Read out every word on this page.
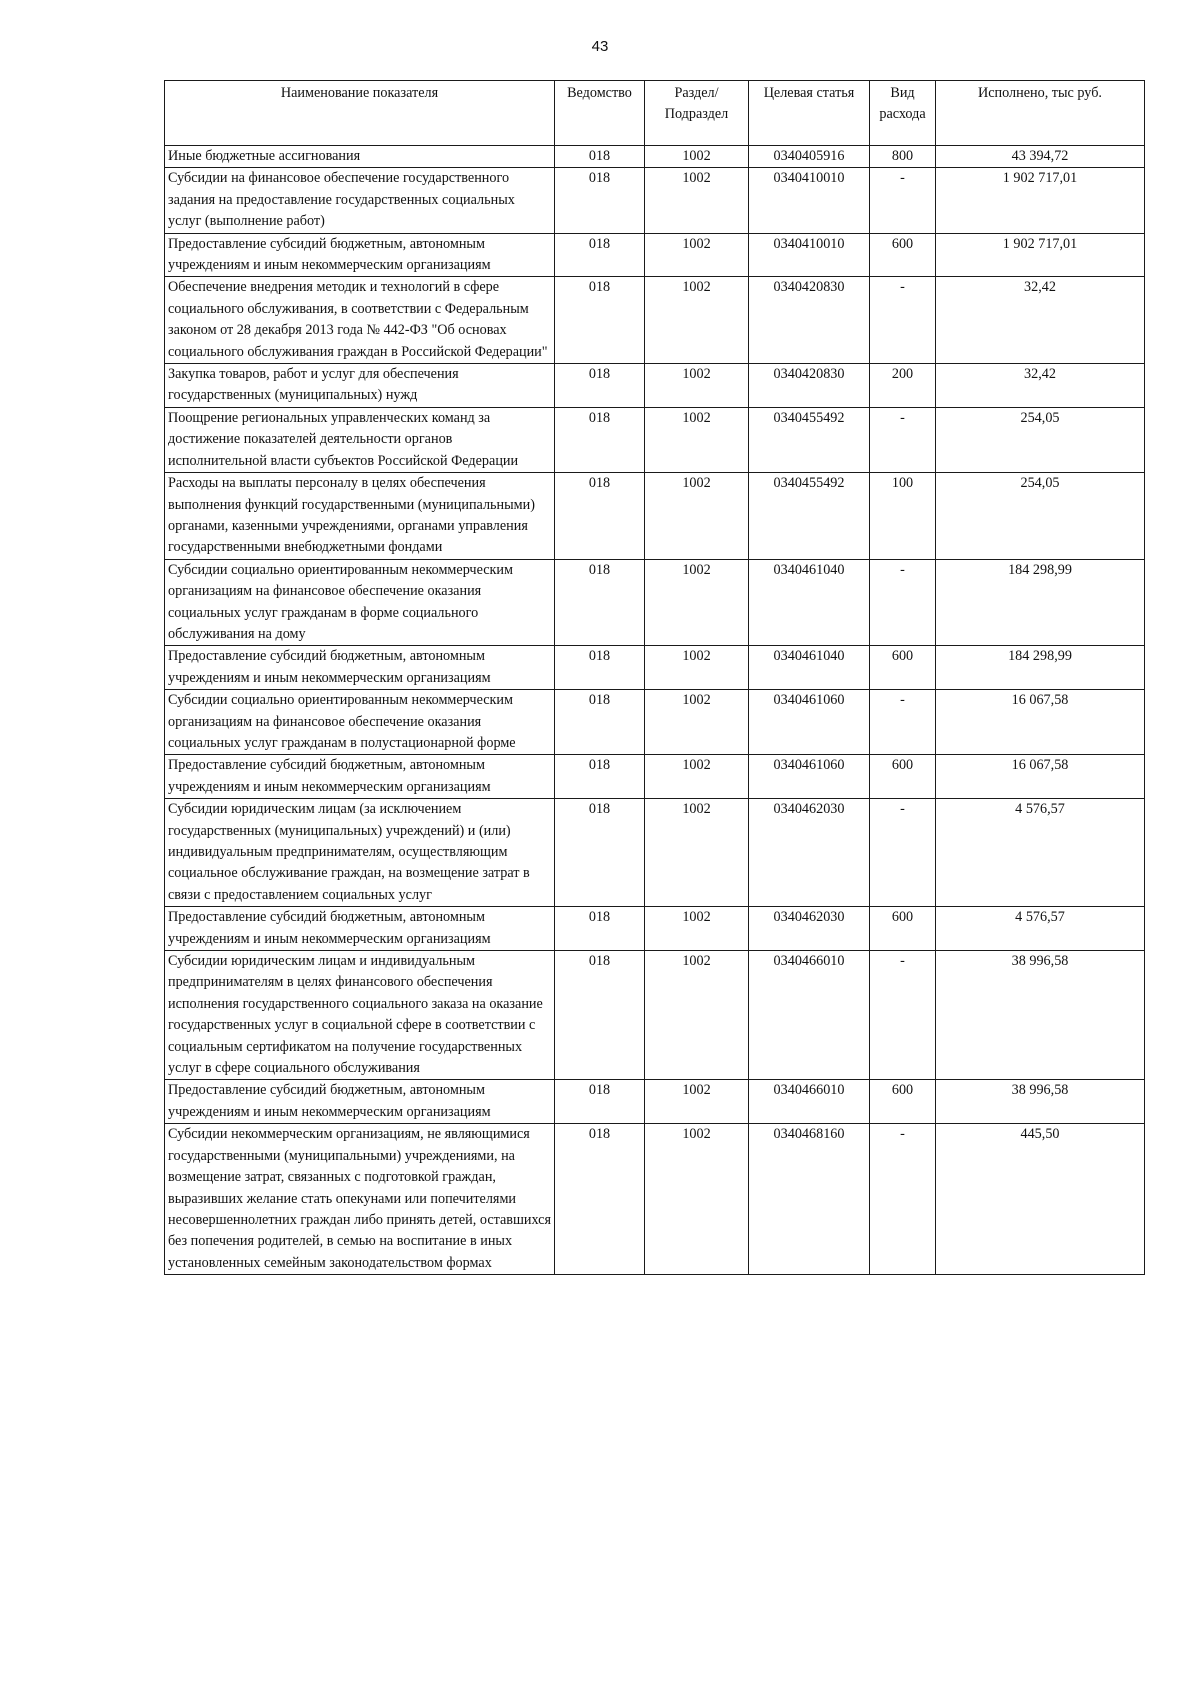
43
Наименование показателя	Ведомство	Раздел/ Подраздел	Целевая статья	Вид расхода	Исполнено, тыс руб.
Иные бюджетные ассигнования	018	1002	0340405916	800	43 394,72
Субсидии на финансовое обеспечение государственного задания на предоставление государственных социальных услуг (выполнение работ)	018	1002	0340410010	-	1 902 717,01
Предоставление субсидий бюджетным, автономным учреждениям и иным некоммерческим организациям	018	1002	0340410010	600	1 902 717,01
Обеспечение внедрения методик и технологий в сфере социального обслуживания, в соответствии с Федеральным законом от 28 декабря 2013 года № 442-ФЗ "Об основах социального обслуживания граждан в Российской Федерации"	018	1002	0340420830	-	32,42
Закупка товаров, работ и услуг для обеспечения государственных (муниципальных) нужд	018	1002	0340420830	200	32,42
Поощрение региональных управленческих команд за достижение показателей деятельности органов исполнительной власти субъектов Российской Федерации	018	1002	0340455492	-	254,05
Расходы на выплаты персоналу в целях обеспечения выполнения функций государственными (муниципальными) органами, казенными учреждениями, органами управления государственными внебюджетными фондами	018	1002	0340455492	100	254,05
Субсидии социально ориентированным некоммерческим организациям на финансовое обеспечение оказания социальных услуг гражданам в форме социального обслуживания на дому	018	1002	0340461040	-	184 298,99
Предоставление субсидий бюджетным, автономным учреждениям и иным некоммерческим организациям	018	1002	0340461040	600	184 298,99
Субсидии социально ориентированным некоммерческим организациям на финансовое обеспечение оказания социальных услуг гражданам в полустационарной форме	018	1002	0340461060	-	16 067,58
Предоставление субсидий бюджетным, автономным учреждениям и иным некоммерческим организациям	018	1002	0340461060	600	16 067,58
Субсидии юридическим лицам (за исключением государственных (муниципальных) учреждений) и (или) индивидуальным предпринимателям, осуществляющим социальное обслуживание граждан, на возмещение затрат в связи с предоставлением социальных услуг	018	1002	0340462030	-	4 576,57
Предоставление субсидий бюджетным, автономным учреждениям и иным некоммерческим организациям	018	1002	0340462030	600	4 576,57
Субсидии юридическим лицам и индивидуальным предпринимателям в целях финансового обеспечения исполнения государственного социального заказа на оказание государственных услуг в социальной сфере в соответствии с социальным сертификатом на получение государственных услуг в сфере социального обслуживания	018	1002	0340466010	-	38 996,58
Предоставление субсидий бюджетным, автономным учреждениям и иным некоммерческим организациям	018	1002	0340466010	600	38 996,58
Субсидии некоммерческим организациям, не являющимися государственными (муниципальными) учреждениями, на возмещение затрат, связанных с подготовкой граждан, выразивших желание стать опекунами или попечителями несовершеннолетних граждан либо принять детей, оставшихся без попечения родителей, в семью на воспитание в иных установленных семейным законодательством формах	018	1002	0340468160	-	445,50
